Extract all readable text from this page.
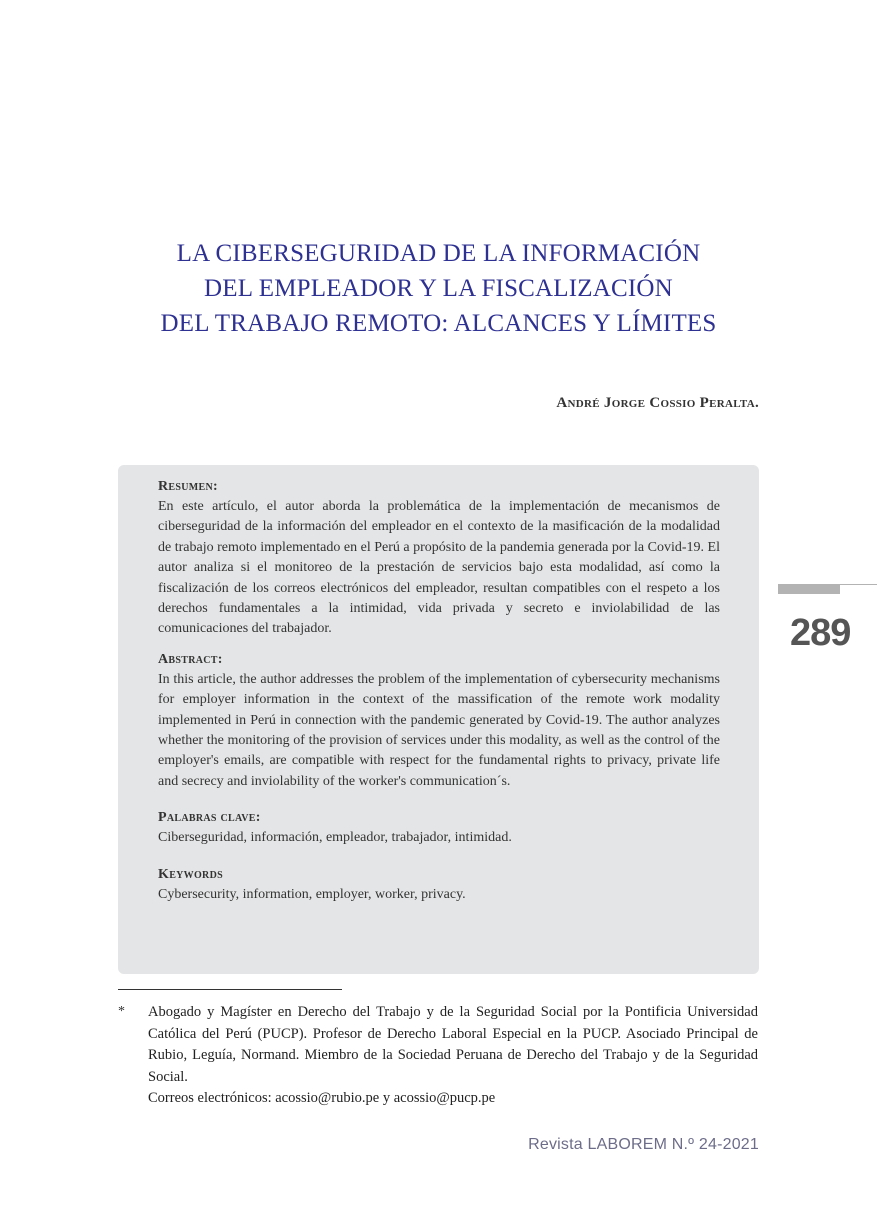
LA CIBERSEGURIDAD DE LA INFORMACIÓN
DEL EMPLEADOR Y LA FISCALIZACIÓN
DEL TRABAJO REMOTO: ALCANCES Y LÍMITES
André Jorge Cossio Peralta.
Resumen:
En este artículo, el autor aborda la problemática de la implementación de mecanismos de ciberseguridad de la información del empleador en el contexto de la masificación de la modalidad de trabajo remoto implementado en el Perú a propósito de la pandemia generada por la Covid-19. El autor analiza si el monitoreo de la prestación de servicios bajo esta modalidad, así como la fiscalización de los correos electrónicos del empleador, resultan compatibles con el respeto a los derechos fundamentales a la intimidad, vida privada y secreto e inviolabilidad de las comunicaciones del trabajador.
Abstract:
In this article, the author addresses the problem of the implementation of cybersecurity mechanisms for employer information in the context of the massification of the remote work modality implemented in Perú in connection with the pandemic generated by Covid-19. The author analyzes whether the monitoring of the provision of services under this modality, as well as the control of the employer's emails, are compatible with respect for the fundamental rights to privacy, private life and secrecy and inviolability of the worker's communication´s.
Palabras clave:
Ciberseguridad, información, empleador, trabajador, intimidad.
Keywords
Cybersecurity, information, employer, worker, privacy.
289
* Abogado y Magíster en Derecho del Trabajo y de la Seguridad Social por la Pontificia Universidad Católica del Perú (PUCP). Profesor de Derecho Laboral Especial en la PUCP. Asociado Principal de Rubio, Leguía, Normand. Miembro de la Sociedad Peruana de Derecho del Trabajo y de la Seguridad Social.
Correos electrónicos: acossio@rubio.pe y acossio@pucp.pe
Revista LABOREM N.º 24-2021
